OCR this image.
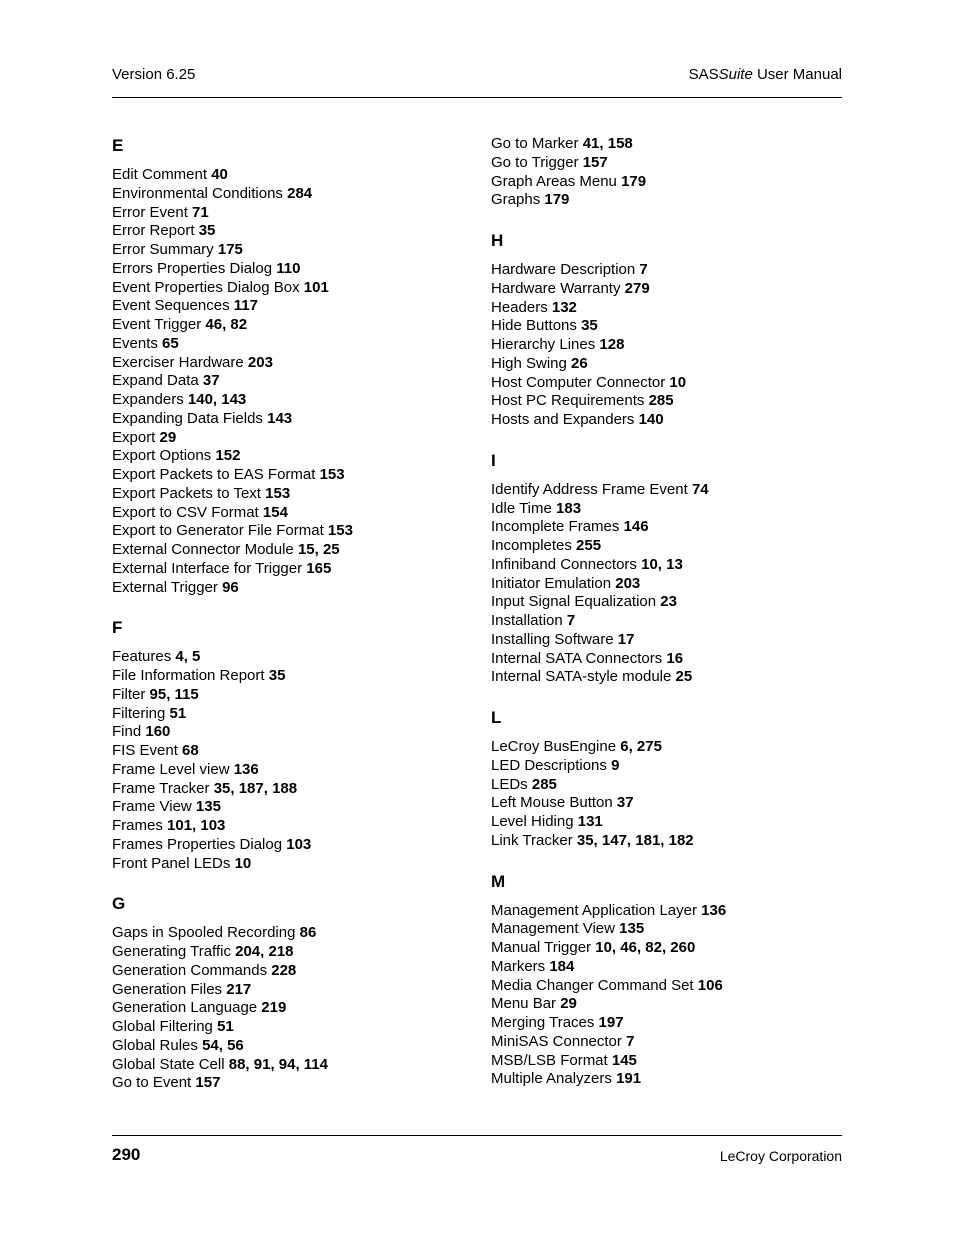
Version 6.25	SASSuite User Manual
E
Edit Comment 40
Environmental Conditions 284
Error Event 71
Error Report 35
Error Summary 175
Errors Properties Dialog 110
Event Properties Dialog Box 101
Event Sequences 117
Event Trigger 46, 82
Events 65
Exerciser Hardware 203
Expand Data 37
Expanders 140, 143
Expanding Data Fields 143
Export 29
Export Options 152
Export Packets to EAS Format 153
Export Packets to Text 153
Export to CSV Format 154
Export to Generator File Format 153
External Connector Module 15, 25
External Interface for Trigger 165
External Trigger 96
F
Features 4, 5
File Information Report 35
Filter 95, 115
Filtering 51
Find 160
FIS Event 68
Frame Level view 136
Frame Tracker 35, 187, 188
Frame View 135
Frames 101, 103
Frames Properties Dialog 103
Front Panel LEDs 10
G
Gaps in Spooled Recording 86
Generating Traffic 204, 218
Generation Commands 228
Generation Files 217
Generation Language 219
Global Filtering 51
Global Rules 54, 56
Global State Cell 88, 91, 94, 114
Go to Event 157
Go to Marker 41, 158
Go to Trigger 157
Graph Areas Menu 179
Graphs 179
H
Hardware Description 7
Hardware Warranty 279
Headers 132
Hide Buttons 35
Hierarchy Lines 128
High Swing 26
Host Computer Connector 10
Host PC Requirements 285
Hosts and Expanders 140
I
Identify Address Frame Event 74
Idle Time 183
Incomplete Frames 146
Incompletes 255
Infiniband Connectors 10, 13
Initiator Emulation 203
Input Signal Equalization 23
Installation 7
Installing Software 17
Internal SATA Connectors 16
Internal SATA-style module 25
L
LeCroy BusEngine 6, 275
LED Descriptions 9
LEDs 285
Left Mouse Button 37
Level Hiding 131
Link Tracker 35, 147, 181, 182
M
Management Application Layer 136
Management View 135
Manual Trigger 10, 46, 82, 260
Markers 184
Media Changer Command Set 106
Menu Bar 29
Merging Traces 197
MiniSAS Connector 7
MSB/LSB Format 145
Multiple Analyzers 191
290	LeCroy Corporation
